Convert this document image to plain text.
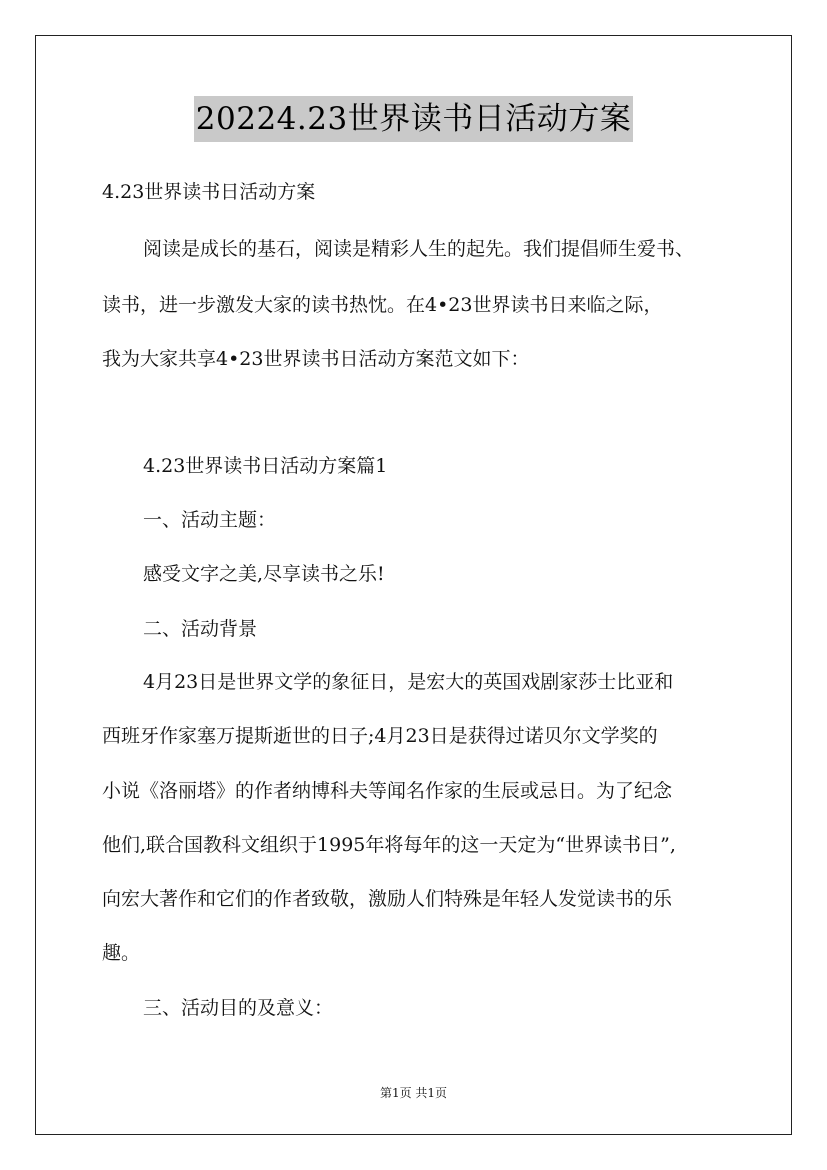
20224.23世界读书日活动方案
4.23世界读书日活动方案
阅读是成长的基石，阅读是精彩人生的起先。我们提倡师生爱书、
读书，进一步激发大家的读书热忱。在4•23世界读书日来临之际，
我为大家共享4•23世界读书日活动方案范文如下：
4.23世界读书日活动方案篇1
一、活动主题：
感受文字之美,尽享读书之乐!
二、活动背景
4月23日是世界文学的象征日，是宏大的英国戏剧家莎士比亚和
西班牙作家塞万提斯逝世的日子;4月23日是获得过诺贝尔文学奖的
小说《洛丽塔》的作者纳博科夫等闻名作家的生辰或忌日。为了纪念
他们,联合国教科文组织于1995年将每年的这一天定为“世界读书日”,
向宏大著作和它们的作者致敬，激励人们特殊是年轻人发觉读书的乐
趣。
三、活动目的及意义：
第1页 共1页
